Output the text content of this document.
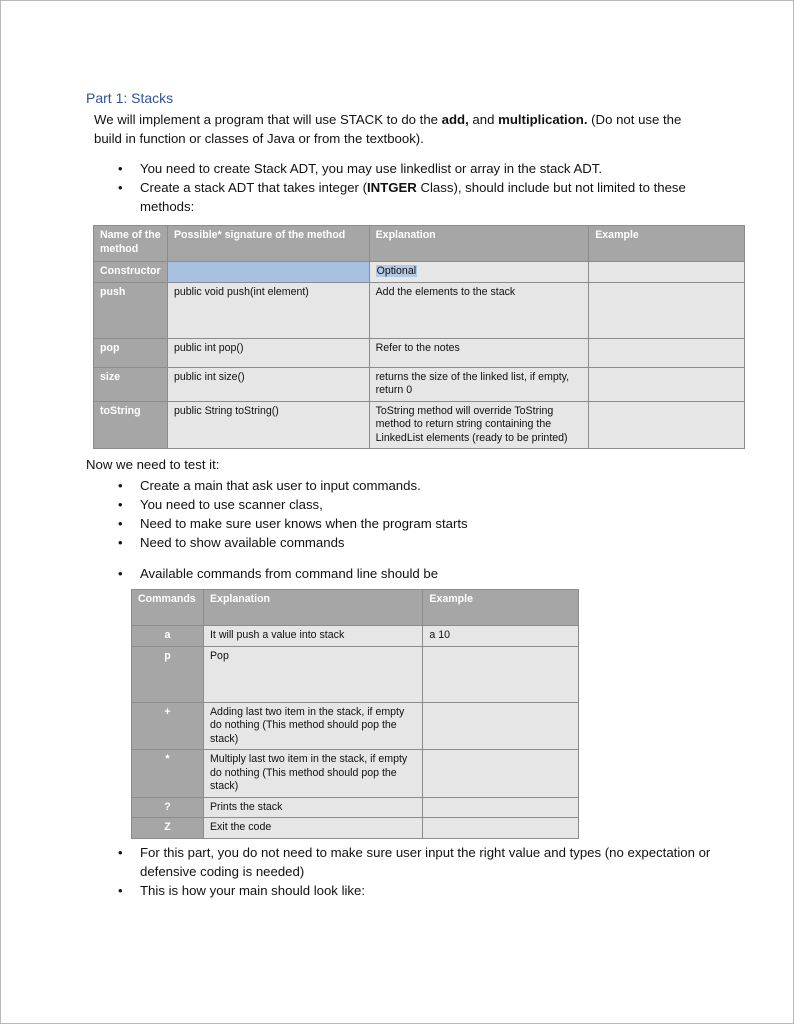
Part 1: Stacks
We will implement a program that will use STACK to do the add, and multiplication. (Do not use the build in function or classes of Java or from the textbook).
• You need to create Stack ADT, you may use linkedlist or array in the stack ADT.
• Create a stack ADT that takes integer (INTGER Class), should include but not limited to these methods:
Name of the method	Possible* signature of the method	Explanation	Example
Constructor		Optional	
push	public void push(int element)	Add the elements to the stack	
pop	public int pop()	Refer to the notes	
size	public int size()	returns the size of the linked list, if empty, return 0	
toString	public String toString()	ToString method will override ToString method to return string containing the LinkedList elements (ready to be printed)	
Now we need to test it:
• Create a main that ask user to input commands.
• You need to use scanner class,
• Need to make sure user knows when the program starts
• Need to show available commands
• Available commands from command line should be
Commands	Explanation	Example
a	It will push a value into stack	a 10
p	Pop	
+	Adding last two item in the stack, if empty do nothing (This method should pop the stack)	
*	Multiply last two item in the stack, if empty do nothing (This method should pop the stack)	
?	Prints the stack	
Z	Exit the code	
• For this part, you do not need to make sure user input the right value and types (no expectation or defensive coding is needed)
• This is how your main should look like:
